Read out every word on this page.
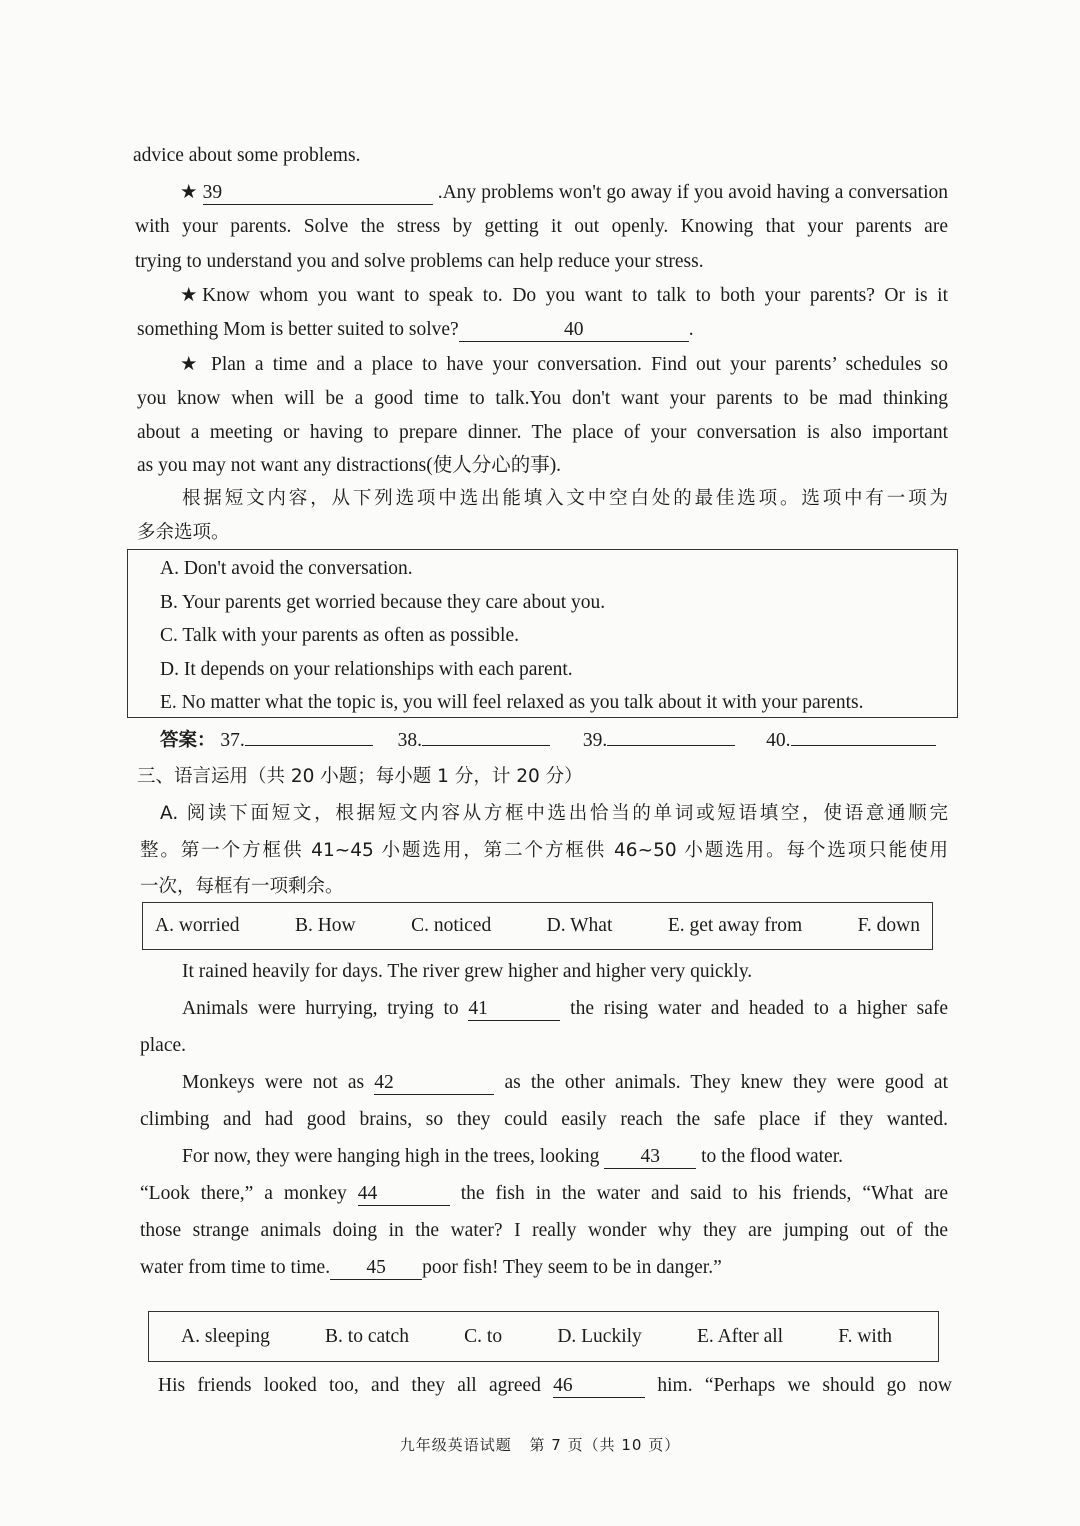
advice about some problems.
★ 39	.Any problems won't go away if you avoid having a conversation
with your parents. Solve the stress by getting it out openly. Knowing that your parents are
trying to understand you and solve problems can help reduce your stress.
★Know whom you want to speak to. Do you want to talk to both your parents? Or is it
something Mom is better suited to solve?	40	.
★ Plan a time and a place to have your conversation. Find out your parents’ schedules so
you know when will be a good time to talk.You don't want your parents to be mad thinking
about a meeting or having to prepare dinner. The place of your conversation is also important
as you may not want any distractions(使人分心的事).
根据短文内容，从下列选项中选出能填入文中空白处的最佳选项。选项中有一项为
多余选项。
A. Don't avoid the conversation.
B. Your parents get worried because they care about you.
C. Talk with your parents as often as possible.
D. It depends on your relationships with each parent.
E. No matter what the topic is, you will feel relaxed as you talk about it with your parents.
答案： 37.	38.	39.	40.
三、语言运用（共 20 小题；每小题 1 分，计 20 分）
A. 阅读下面短文，根据短文内容从方框中选出恰当的单词或短语填空，使语意通顺完
整。第一个方框供 41~45 小题选用，第二个方框供 46~50 小题选用。每个选项只能使用
一次，每框有一项剩余。
A. worried	B. How	C. noticed	D. What	E. get away from	F. down
It rained heavily for days. The river grew higher and higher very quickly.
Animals were hurrying, trying to 41	the rising water and headed to a higher safe
place.
Monkeys were not as 42	as the other animals. They knew they were good at
climbing and had good brains, so they could easily reach the safe place if they wanted.
For now, they were hanging high in the trees, looking 43 to the flood water.
“Look there,” a monkey 44	the fish in the water and said to his friends, “What are
those strange animals doing in the water? I really wonder why they are jumping out of the
water from time to time. 45 poor fish! They seem to be in danger.”
A. sleeping	B. to catch	C. to	D. Luckily	E. After all	F. with
His friends looked too, and they all agreed 46	him. “Perhaps we should go now
九年级英语试题 第 7 页（共 10 页）
